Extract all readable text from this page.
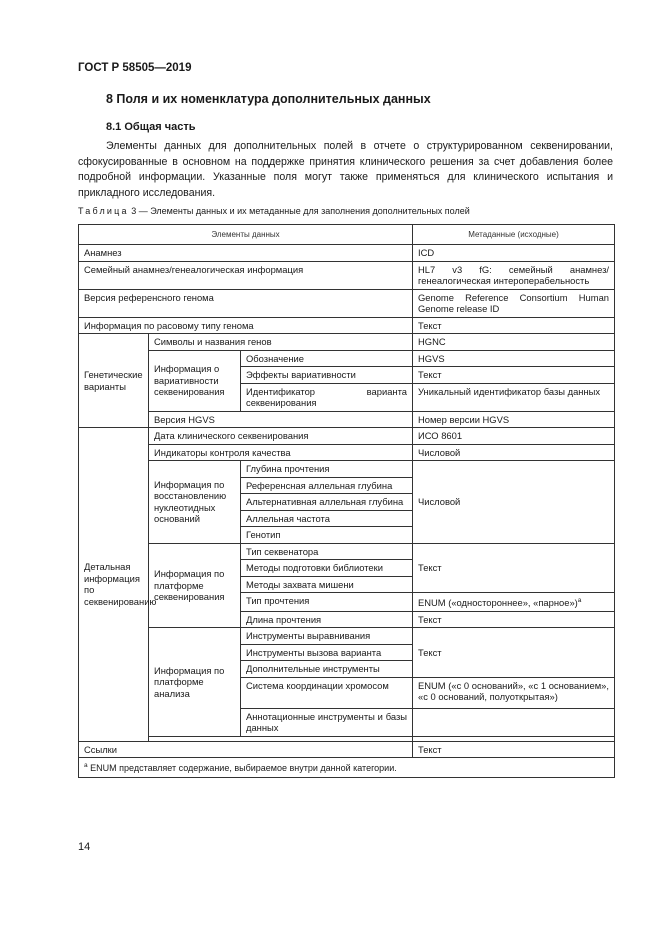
ГОСТ Р 58505—2019
8 Поля и их номенклатура дополнительных данных
8.1 Общая часть

Элементы данных для дополнительных полей в отчете о структурированном секвенировании, сфокусированные в основном на поддержке принятия клинического решения за счет добавления более подробной информации. Указанные поля могут также применяться для клинического испытания и прикладного исследования.

Таблица 3 — Элементы данных и их метаданные для заполнения дополнительных полей
Элементы данных			Метаданные (исходные)
Анамнез			ICD
Семейный анамнез/генеалогическая информация			HL7 v3 fG: семейный анамнез/генеалогическая интероперабельность
Версия референсного генома			Genome Reference Consortium Human Genome release ID
Информация по расовому типу генома			Текст
Генетические варианты	Символы и названия генов		HGNC
	Информация о вариативности секвенирования	Обозначение	HGVS
		Эффекты вариативности	Текст
		Идентификатор варианта секвенирования	Уникальный идентификатор базы данных
	Версия HGVS		Номер версии HGVS
Детальная информация по секвенированию	Дата клинического секвенирования		ИСО 8601
	Индикаторы контроля качества		Числовой
	Информация по восстановлению нуклеотидных оснований	Глубина прочтения	Числовой
		Референсная аллельная глубина	
		Альтернативная аллельная глубина	
		Аллельная частота	
		Генотип	
	Информация по платформе секвенирования	Тип секвенатора	Текст
		Методы подготовки библиотеки	
		Методы захвата мишени	
		Тип прочтения	ENUM («одностороннее», «парное»)$^a$
		Длина прочтения	Текст
	Информация по платформе анализа	Инструменты выравнивания	Текст
		Инструменты вызова варианта	
		Дополнительные инструменты	
		Система координации хромосом	ENUM («с 0 оснований», «с 1 основанием», «с 0 оснований, полуоткрытая»)
		Аннотационные инструменты и базы данных	

Ссылки			Текст
$^a$ ENUM представляет содержание, выбираемое внутри данной категории.			
14
